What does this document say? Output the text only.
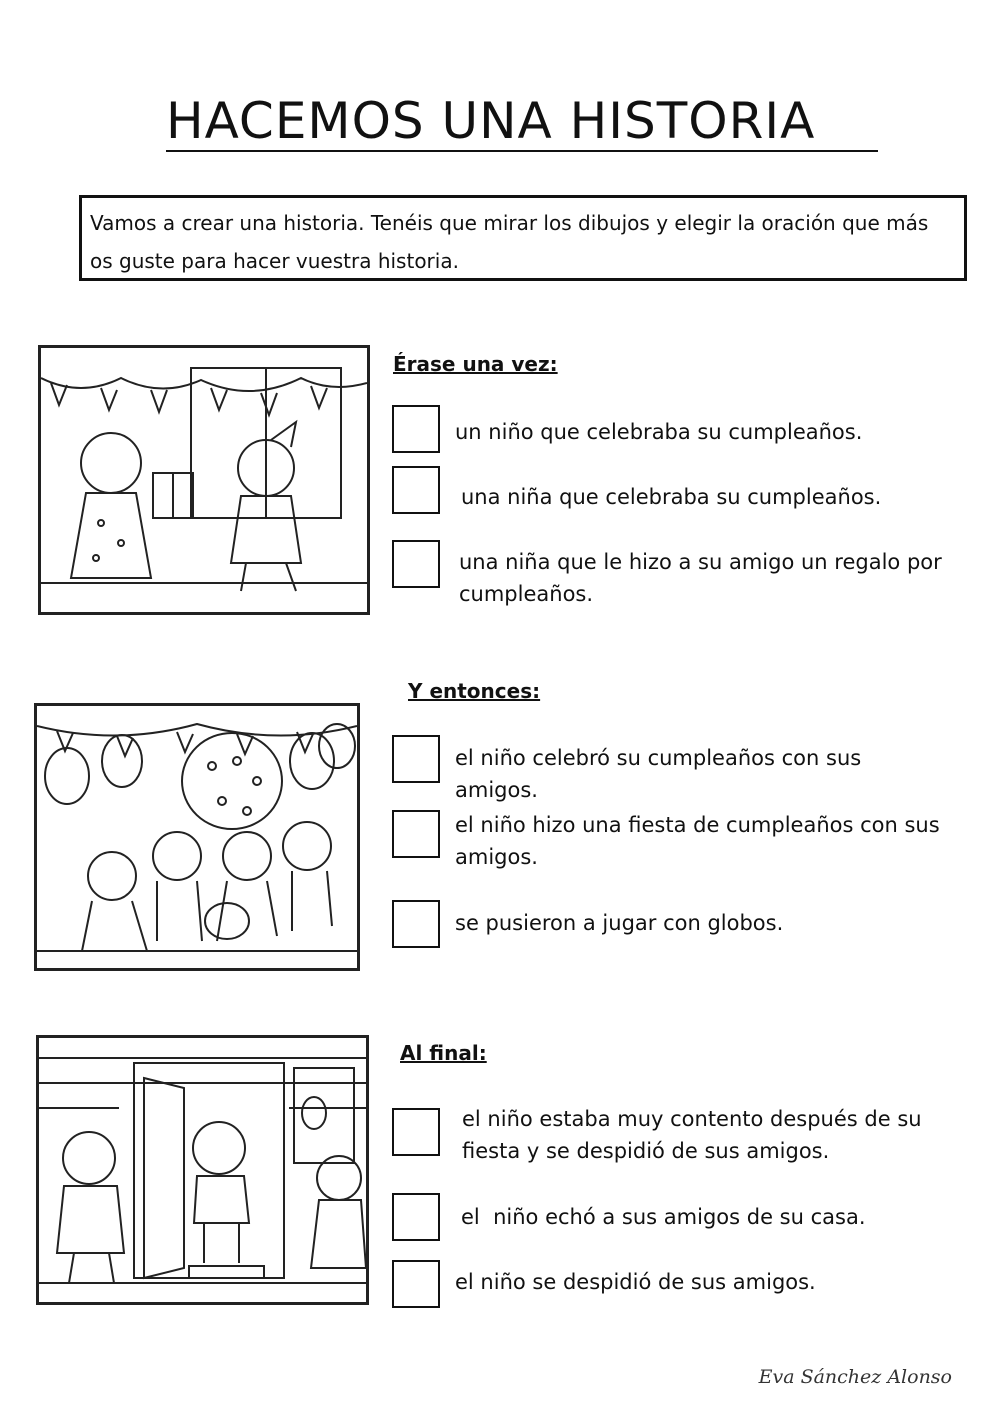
HACEMOS UNA HISTORIA
Vamos a crear una historia. Tenéis que mirar los dibujos y elegir la oración que más os guste para hacer vuestra historia.
Érase una vez:
un niño que celebraba su cumpleaños.
una niña que celebraba su cumpleaños.
una niña que le hizo a su amigo un regalo por cumpleaños.
Y entonces:
el niño celebró su cumpleaños con sus amigos.
el niño hizo una fiesta de cumpleaños con sus amigos.
se pusieron a jugar con globos.
Al final:
el niño estaba muy contento después de su fiesta y se despidió de sus amigos.
el  niño echó a sus amigos de su casa.
el niño se despidió de sus amigos.
Eva Sánchez Alonso
